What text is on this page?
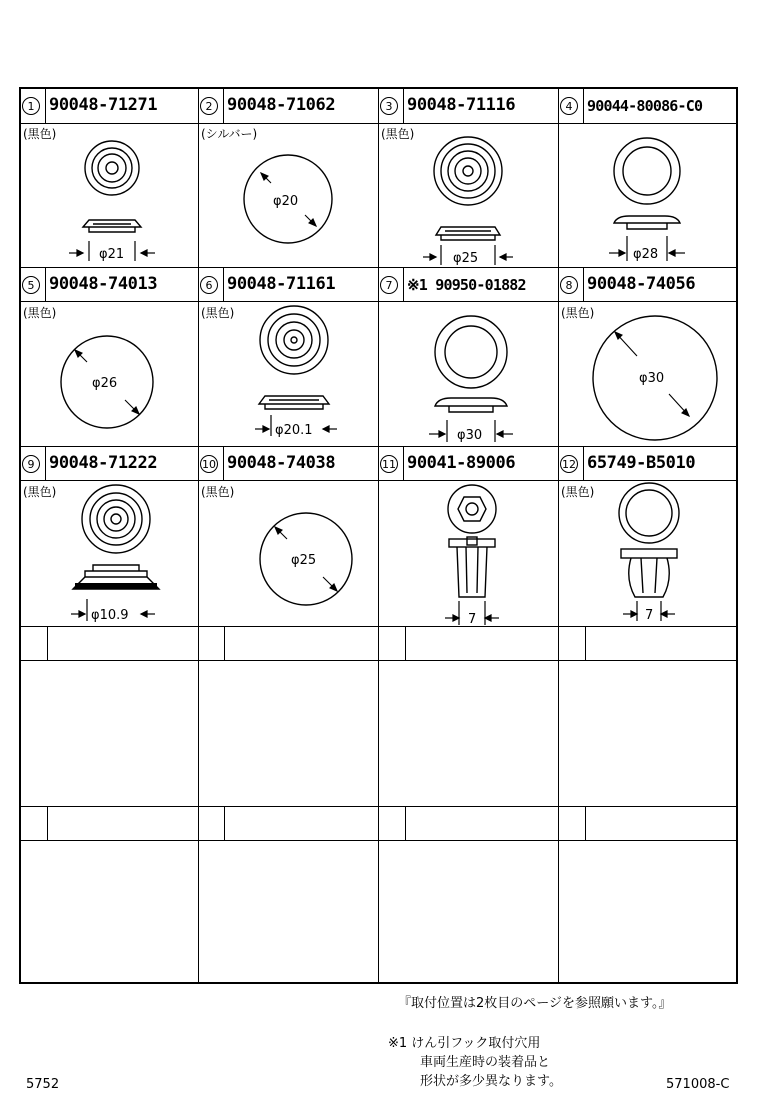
1 90048-71271
(黒色)
φ21
2 90048-71062
(シルバー)
φ20
3 90048-71116
(黒色)
φ25
4 90044-80086-C0
φ28
5 90048-74013
(黒色)
φ26
6 90048-71161
(黒色)
φ20.1
7 ※1 90950-01882
φ30
8 90048-74056
(黒色)
φ30
9 90048-71222
(黒色)
φ10.9
10 90048-74038
(黒色)
φ25
11 90041-89006
7
12 65749-B5010
(黒色)
7
『取付位置は2枚目のページを参照願います。』
※1 けん引フック取付穴用
車両生産時の装着品と
形状が多少異なります。
5752	571008-C
